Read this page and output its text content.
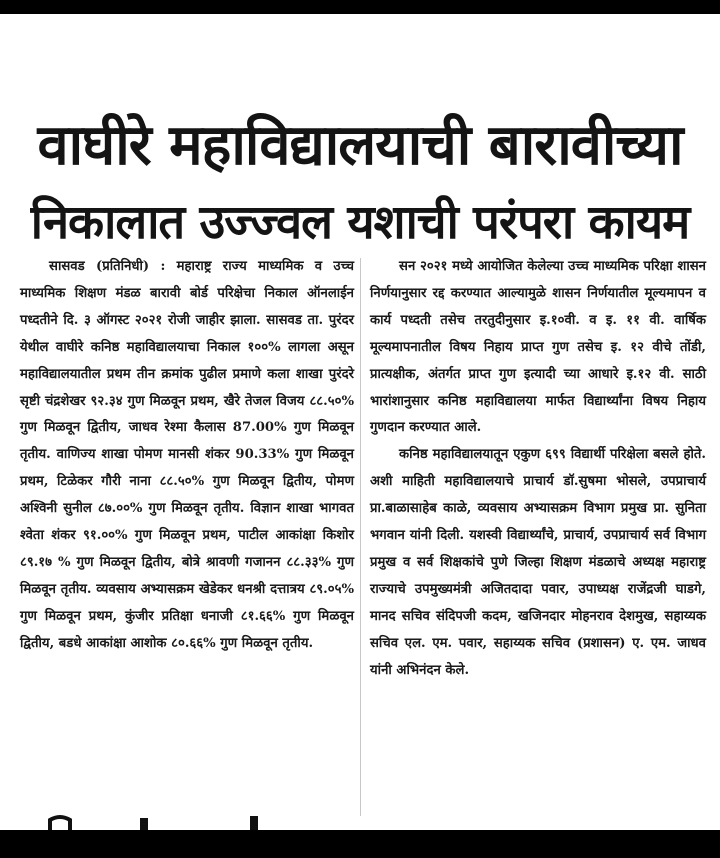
वाघीरे महाविद्यालयाची बारावीच्या
निकालात उज्ज्वल यशाची परंपरा कायम

सासवड (प्रतिनिधी) : महाराष्ट्र राज्य माध्यमिक व उच्च माध्यमिक शिक्षण मंडळ बारावी बोर्ड परिक्षेचा निकाल ऑनलाईन पध्दतीने दि. ३ ऑगस्ट २०२१ रोजी जाहीर झाला. सासवड ता. पुरंदर येथील वाघीरे कनिष्ठ महाविद्यालयाचा निकाल १००% लागला असून महाविद्यालयातील प्रथम तीन क्रमांक पुढील प्रमाणे कला शाखा पुरंदरे सृष्टी चंद्रशेखर ९२.३४ गुण मिळवून प्रथम, खैरे तेजल विजय ८८.५०% गुण मिळवून द्वितीय, जाधव रेश्मा कैलास 87.00% गुण मिळवून तृतीय. वाणिज्य शाखा पोमण मानसी शंकर 90.33% गुण मिळवून प्रथम, टिळेकर गौरी नाना ८८.५०% गुण मिळवून द्वितीय, पोमण अश्विनी सुनील ८७.००% गुण मिळवून तृतीय. विज्ञान शाखा भागवत श्वेता शंकर ९१.००% गुण मिळवून प्रथम, पाटील आकांक्षा किशोर ८९.१७ % गुण मिळवून द्वितीय, बोत्रे श्रावणी गजानन ८८.३३% गुण मिळवून तृतीय. व्यवसाय अभ्यासक्रम खेडेकर धनश्री दत्तात्रय ८९.०५% गुण मिळवून प्रथम, कुंजीर प्रतिक्षा धनाजी ८१.६६% गुण मिळवून द्वितीय, बडधे आकांक्षा आशोक ८०.६६% गुण मिळवून तृतीय.

सन २०२१ मध्ये आयोजित केलेल्या उच्च माध्यमिक परिक्षा शासन निर्णयानुसार रद्द करण्यात आल्यामुळे शासन निर्णयातील मूल्यमापन व कार्य पध्दती तसेच तरतुदीनुसार इ.१०वी. व इ. ११ वी. वार्षिक मूल्यमापनातील विषय निहाय प्राप्त गुण तसेच इ. १२ वीचे तोंडी, प्रात्यक्षीक, अंतर्गत प्राप्त गुण इत्यादी च्या आधारे इ.१२ वी. साठी भारांशानुसार कनिष्ठ महाविद्यालया मार्फत विद्यार्थ्यांना विषय निहाय गुणदान करण्यात आले.

कनिष्ठ महाविद्यालयातून एकुण ६९९ विद्यार्थी परिक्षेला बसले होते. अशी माहिती महाविद्यालयाचे प्राचार्य डॉ.सुषमा भोसले, उपप्राचार्य प्रा.बाळासाहेब काळे, व्यवसाय अभ्यासक्रम विभाग प्रमुख प्रा. सुनिता भगवान यांनी दिली. यशस्वी विद्यार्थ्यांचे, प्राचार्य, उपप्राचार्य सर्व विभाग प्रमुख व सर्व शिक्षकांचे पुणे जिल्हा शिक्षण मंडळाचे अध्यक्ष महाराष्ट्र राज्याचे उपमुख्यमंत्री अजितदादा पवार, उपाध्यक्ष राजेंद्रजी घाडगे, मानद सचिव संदिपजी कदम, खजिनदार मोहनराव देशमुख, सहाय्यक सचिव एल. एम. पवार, सहाय्यक सचिव (प्रशासन) ए. एम. जाधव यांनी अभिनंदन केले.
